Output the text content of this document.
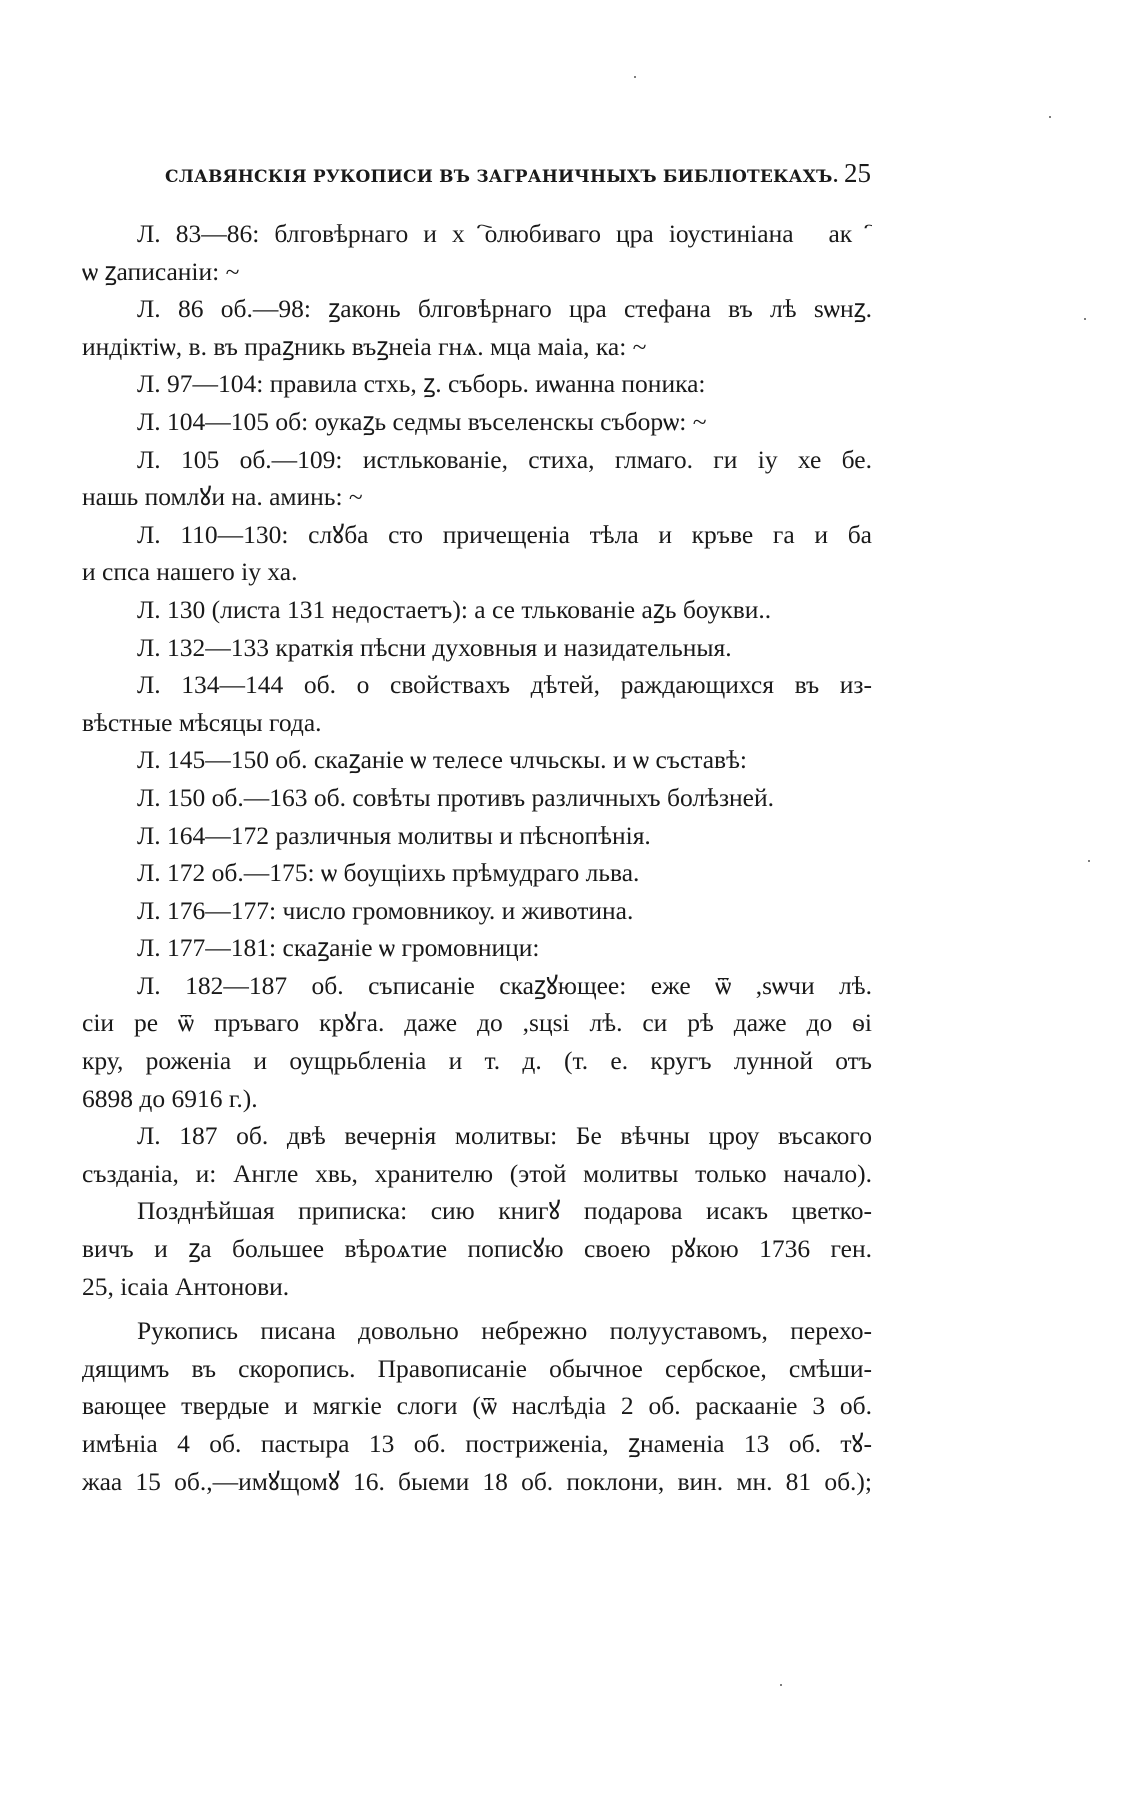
СЛАВЯНСКІЯ РУКОПИСИ ВЪ ЗАГРАНИЧНЫХЪ БИБЛІОТЕКАХЪ. 25
Л. 83—86: блговѣрнаго и хⷭ҇олюбиваго цра іоустиніана ꙁакⷪ҇
ѡ ꙁаписаніи: ~
Л. 86 об.—98: ꙁаконь блговѣрнаго цра стефана въ лѣ ѕѡнꙁ.
индіктіѡ, в. въ праꙁникь въꙁнеіа гнѧ. мца маіа, ка: ~
Л. 97—104: правила стхь, ꙁ. съборь. иѡанна поника:
Л. 104—105 об: оукаꙁь седмы въселенскы съборѡ: ~
Л. 105 об.—109: истлькованіе, стиха, глмаго. ги іу хе бе.
нашь помлꙋи на. аминь: ~
Л. 110—130: слꙋба сто причещеніа тѣла и кръве га и ба
и спса нашего іу ха.
Л. 130 (листа 131 недостаетъ): а се тлькованіе аꙁь боукви..
Л. 132—133 краткія пѣсни духовныя и назидательныя.
Л. 134—144 об. о свойствахъ дѣтей, раждающихся въ из-
вѣстные мѣсяцы года.
Л. 145—150 об. скаꙁаніе ѡ телесе члчьскы. и ѡ съставѣ:
Л. 150 об.—163 об. совѣты противъ различныхъ болѣзней.
Л. 164—172 различныя молитвы и пѣснопѣнія.
Л. 172 об.—175: ѡ боущіихь прѣмудраго льва.
Л. 176—177: число громовникоу. и животина.
Л. 177—181: скаꙁаніе ѡ громовници:
Л. 182—187 об. съписаніе скаꙁꙋющее: еже ѿ ,ѕѡчи лѣ.
сіи ре ѿ пръваго крꙋга. даже до ,ѕцѕі лѣ. си рѣ даже до ѳі
кру, роженіа и оущрьбленіа и т. д. (т. е. кругъ лунной отъ
6898 до 6916 г.).
Л. 187 об. двѣ вечернія молитвы: Бе вѣчны цроу въсакого
създаніа, и: Англе хвь, хранителю (этой молитвы только начало).
Позднѣйшая приписка: сию книгꙋ подарова исакъ цветко-
вичъ и ꙁа большее вѣроѧтие пописꙋю своею рꙋкою 1736 ген.
25, ісаіа Антонови.
Рукопись писана довольно небрежно полууставомъ, перехо-
дящимъ въ скоропись. Правописаніе обычное сербское, смѣши-
вающее твердые и мягкіе слоги (ѿ наслѣдіа 2 об. раскааніе 3 об.
имѣніа 4 об. пастыра 13 об. постриженіа, ꙁнаменіа 13 об. тꙋ-
жаа 15 об.,—имꙋщомꙋ 16. быеми 18 об. поклони, вин. мн. 81 об.);
